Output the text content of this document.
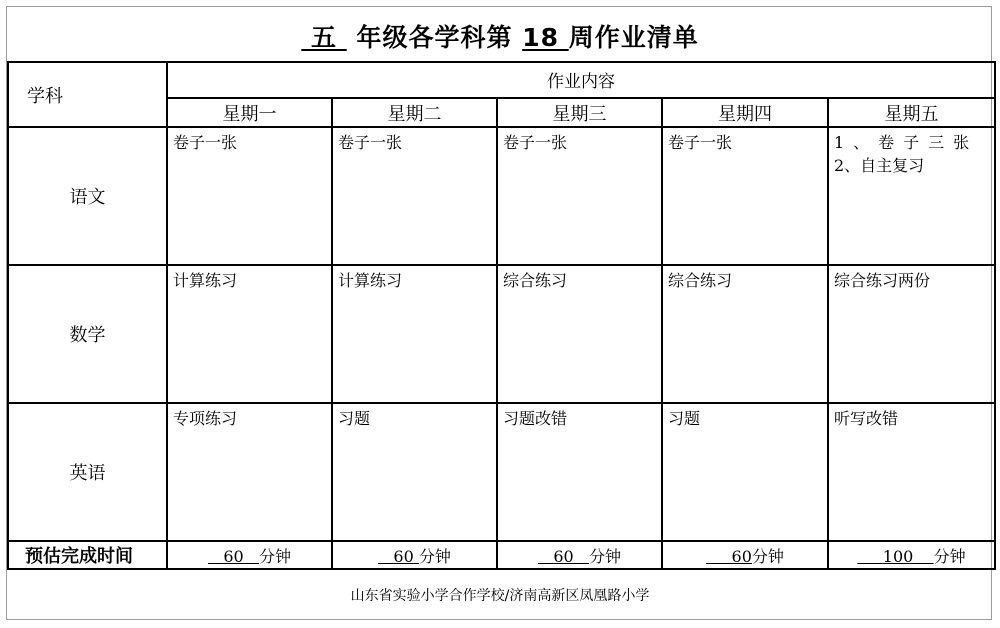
五 年级各学科第 18 周作业清单
学科	作业内容				
	星期一	星期二	星期三	星期四	星期五
语文	卷子一张	卷子一张	卷子一张	卷子一张	1、卷子三张
2、自主复习

数学	计算练习	计算练习	综合练习	综合练习	综合练习两份
英语	专项练习	习题	习题改错	习题	听写改错
预估完成时间	60 分钟	60 分钟	60 分钟	60分钟	100 分钟
山东省实验小学合作学校/济南高新区凤凰路小学
